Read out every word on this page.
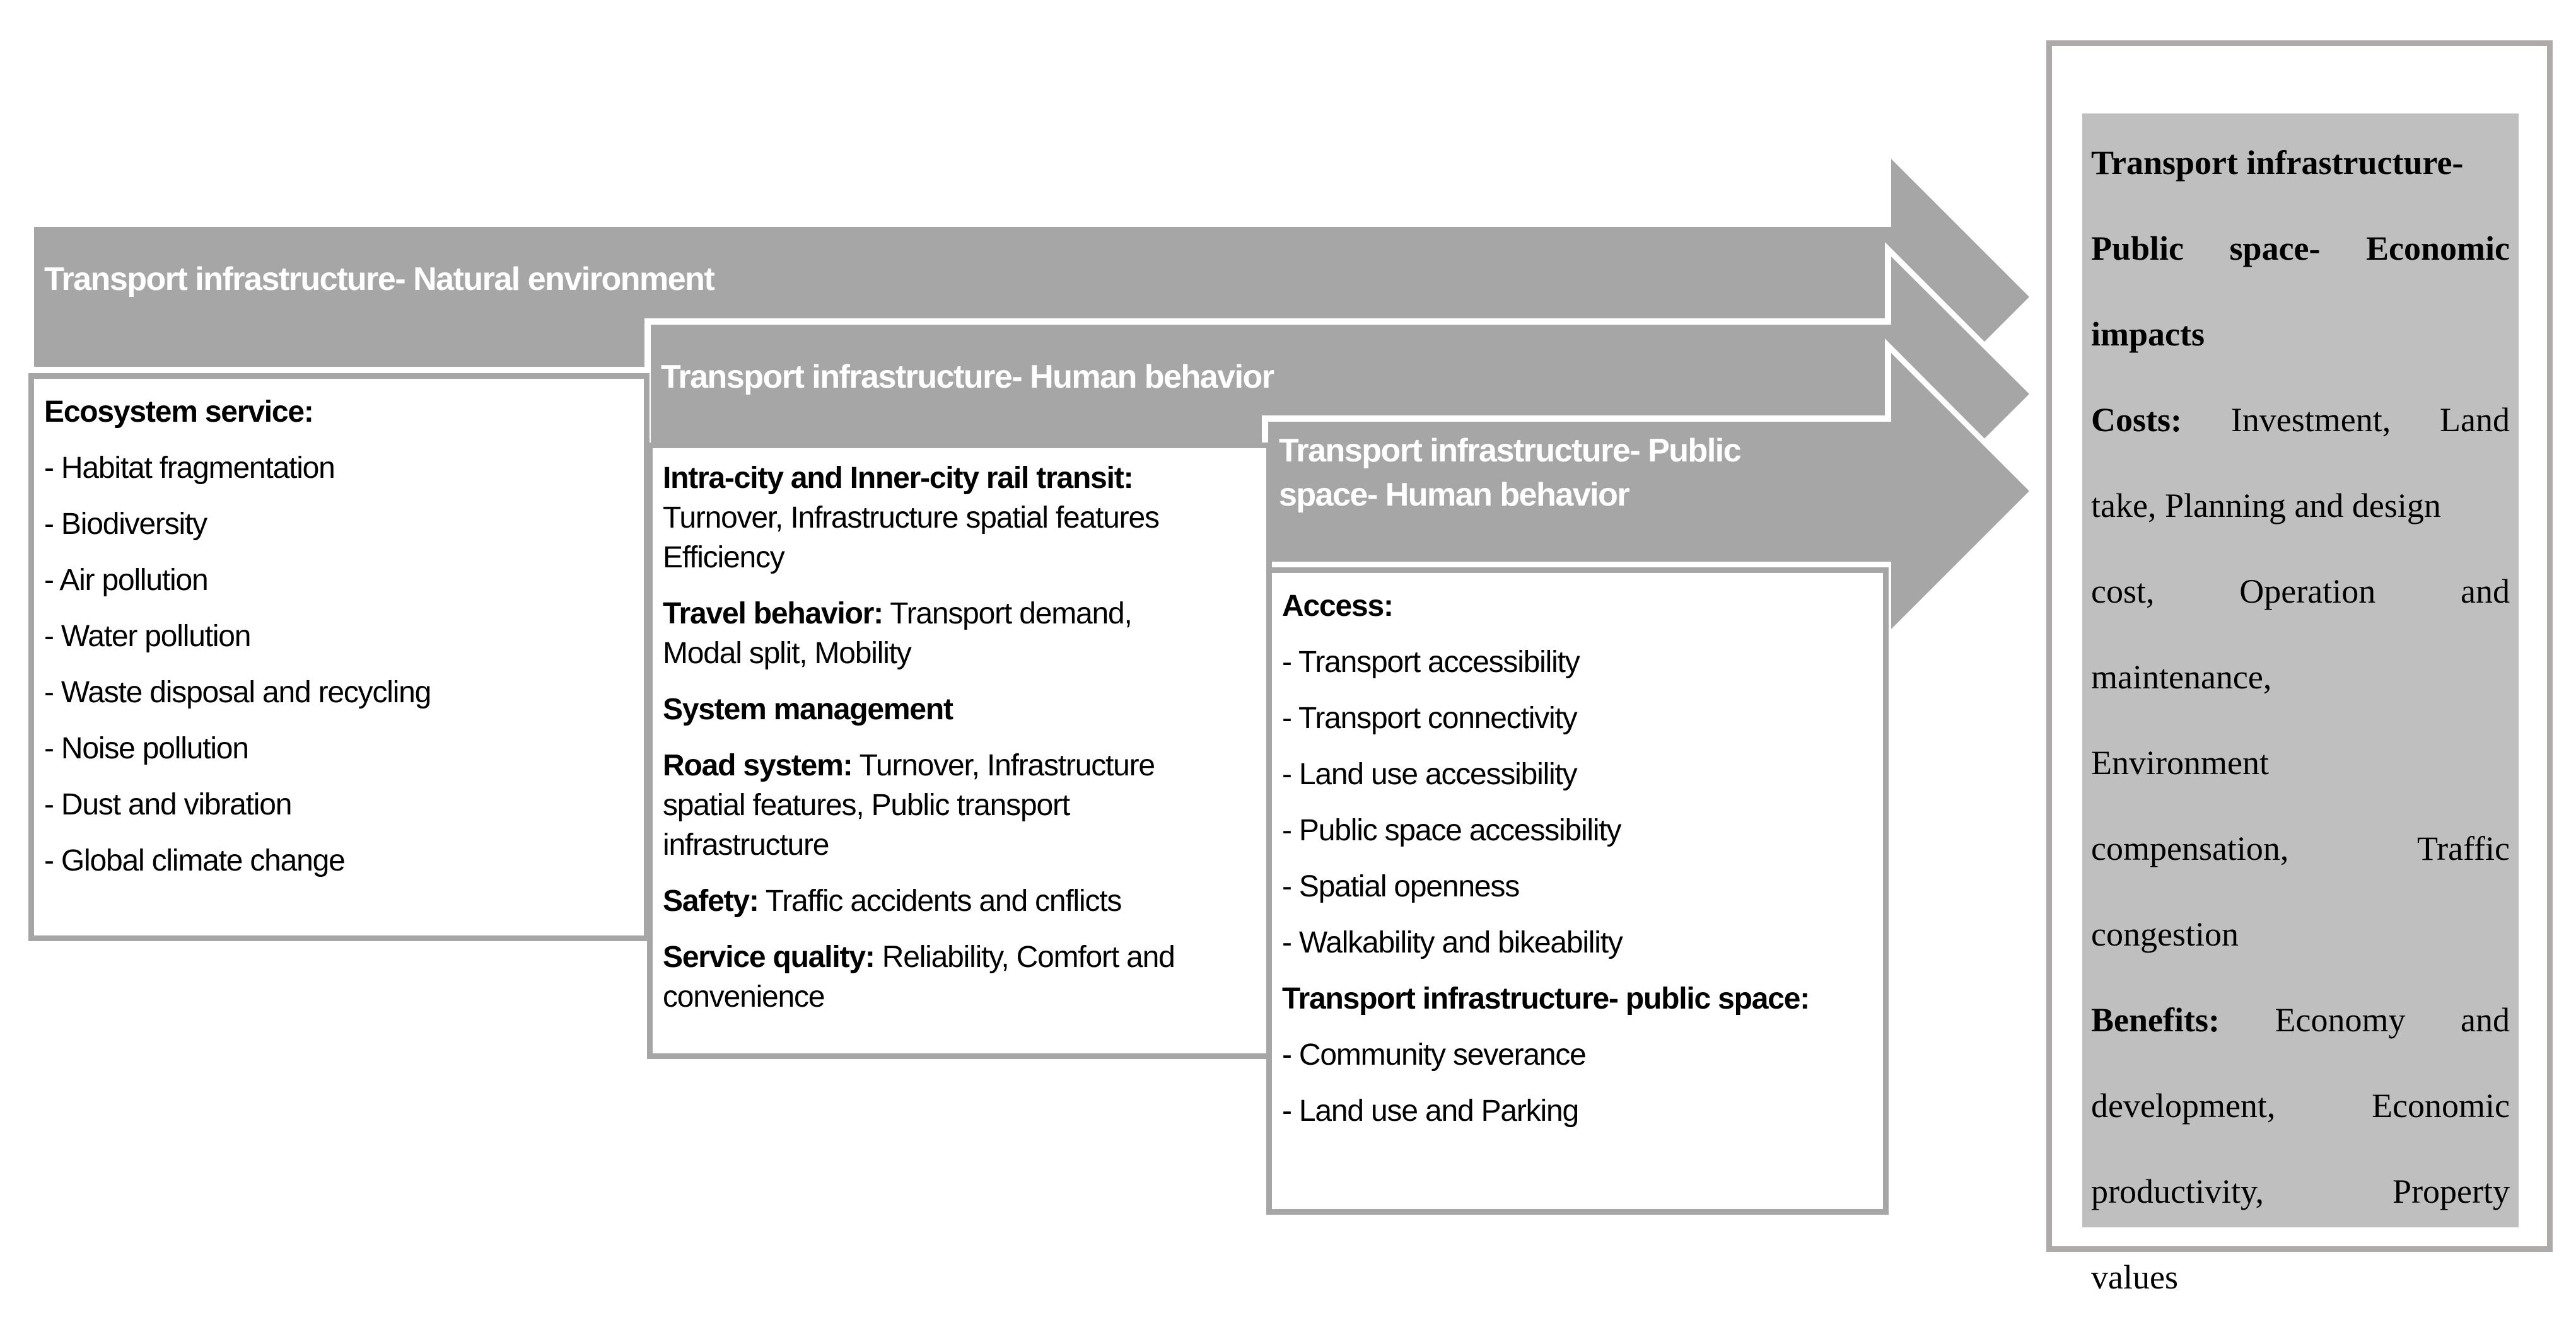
Transport infrastructure- Natural environment
Transport infrastructure- Human behavior
Transport infrastructure- Public
space- Human behavior
Ecosystem service:
- Habitat fragmentation
- Biodiversity
- Air pollution
- Water pollution
- Waste disposal and recycling
- Noise pollution
- Dust and vibration
- Global climate change
Intra-city and Inner-city rail transit:
Turnover, Infrastructure spatial features
Efficiency
Travel behavior: Transport demand,
Modal split, Mobility
System management
Road system: Turnover, Infrastructure
spatial features, Public transport
infrastructure
Safety: Traffic accidents and cnflicts
Service quality: Reliability, Comfort and
convenience
Access:
- Transport accessibility
- Transport connectivity
- Land use accessibility
- Public space accessibility
- Spatial openness
- Walkability and bikeability
Transport infrastructure- public space:
- Community severance
- Land use and Parking
Transport infrastructure-
Public space- Economic
impacts
Costs: Investment, Land
take, Planning and design
cost, Operation and
maintenance,
Environment
compensation,	Traffic
congestion
Benefits: Economy and
development,	Economic
productivity,	Property
values
